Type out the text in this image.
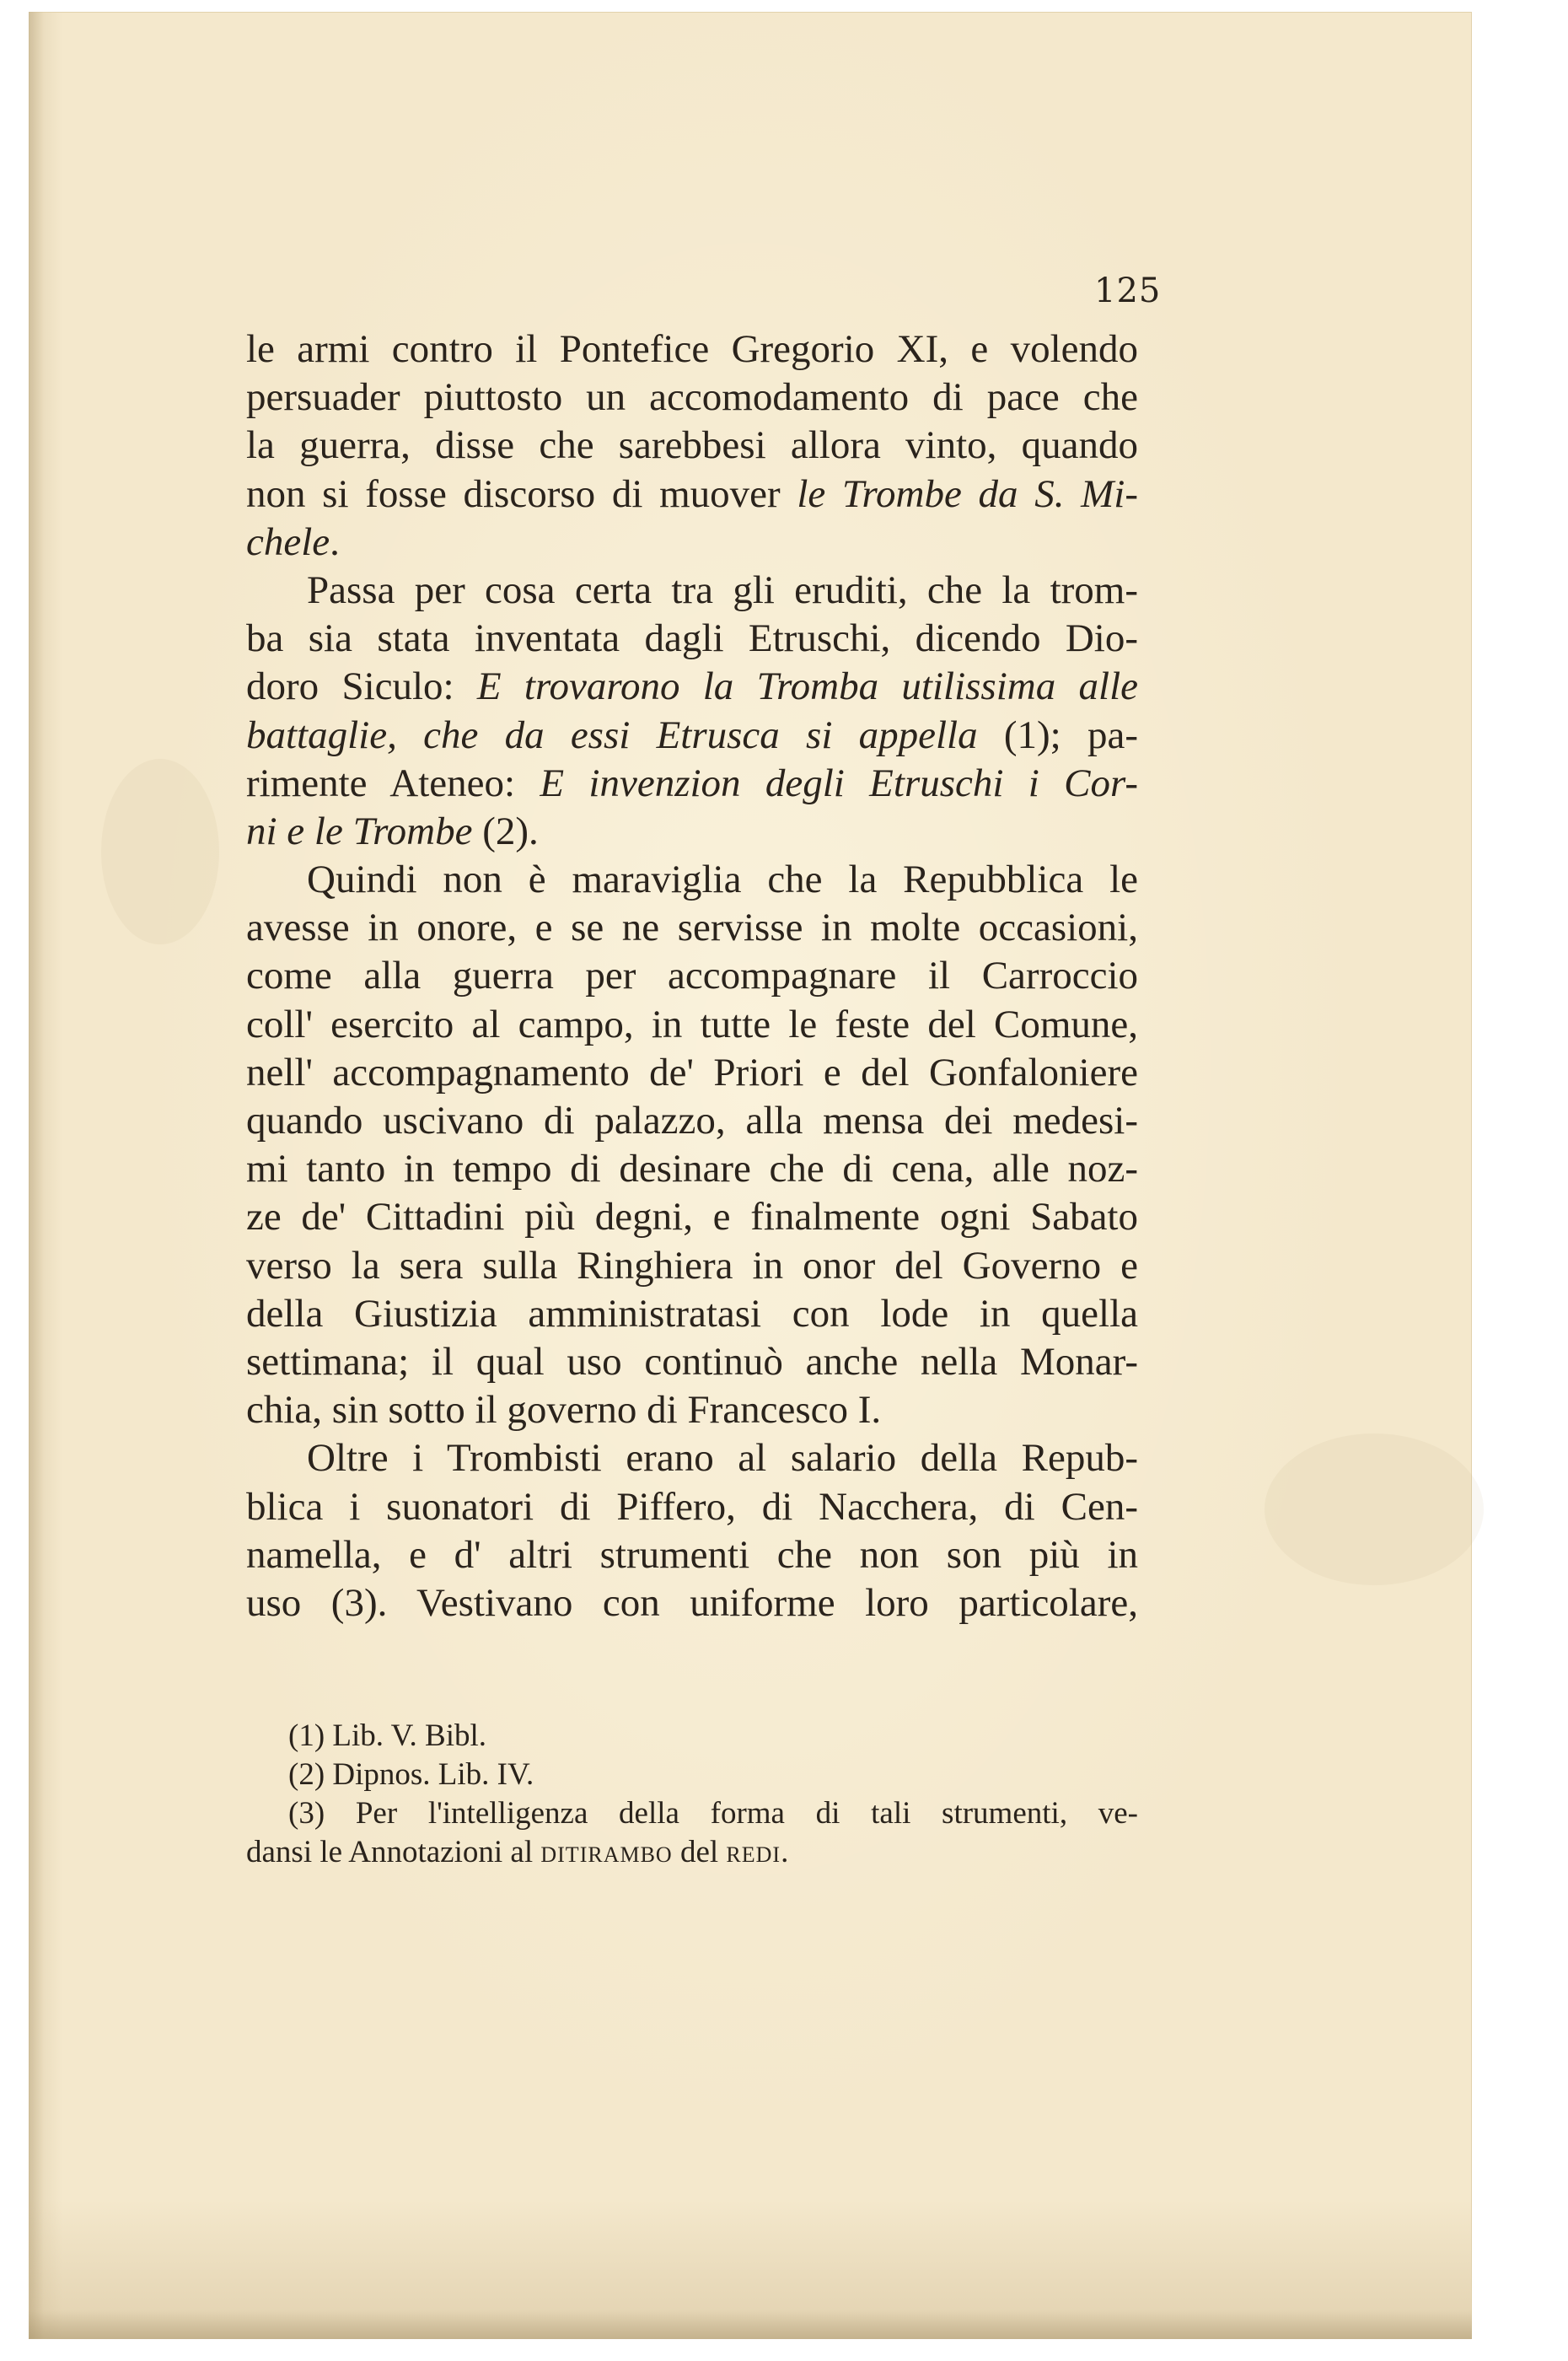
125
le armi contro il Pontefice Gregorio XI, e volendo
persuader piuttosto un accomodamento di pace che
la guerra, disse che sarebbesi allora vinto, quando
non si fosse discorso di muover le Trombe da S. Mi-
chele.
Passa per cosa certa tra gli eruditi, che la trom-
ba sia stata inventata dagli Etruschi, dicendo Dio-
doro Siculo: E trovarono la Tromba utilissima alle
battaglie, che da essi Etrusca si appella (1); pa-
rimente Ateneo: E invenzion degli Etruschi i Cor-
ni e le Trombe (2).
Quindi non è maraviglia che la Repubblica le
avesse in onore, e se ne servisse in molte occasioni,
come alla guerra per accompagnare il Carroccio
coll' esercito al campo, in tutte le feste del Comune,
nell' accompagnamento de' Priori e del Gonfaloniere
quando uscivano di palazzo, alla mensa dei medesi-
mi tanto in tempo di desinare che di cena, alle noz-
ze de' Cittadini più degni, e finalmente ogni Sabato
verso la sera sulla Ringhiera in onor del Governo e
della Giustizia amministratasi con lode in quella
settimana; il qual uso continuò anche nella Monar-
chia, sin sotto il governo di Francesco I.
Oltre i Trombisti erano al salario della Repub-
blica i suonatori di Piffero, di Nacchera, di Cen-
namella, e d' altri strumenti che non son più in
uso (3). Vestivano con uniforme loro particolare,
(1) Lib. V. Bibl.
(2) Dipnos. Lib. IV.
(3) Per l'intelligenza della forma di tali strumenti, ve-
dansi le Annotazioni al ditirambo del redi.
